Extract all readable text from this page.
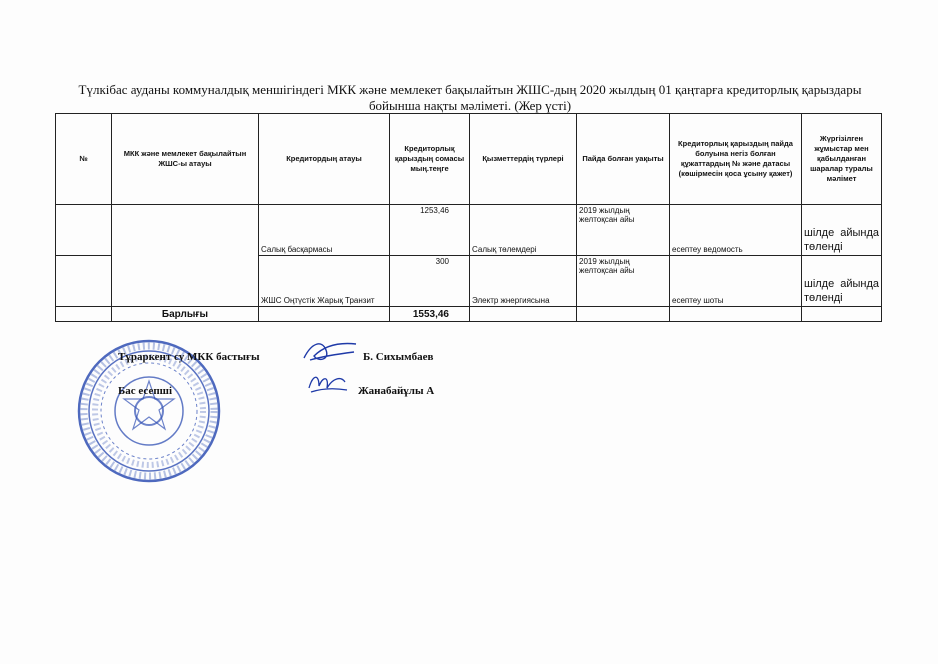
Түлкібас ауданы коммуналдық меншігіндегі МКК және мемлекет бақылайтын ЖШС-дың 2020 жылдың 01 қаңтарға кредиторлық қарыздары
бойынша нақты мәліметі. (Жер үсті)
№	МКК және мемлекет бақылайтын ЖШС-ы атауы	Кредитордың атауы	Кредиторлық қарыздың сомасы мың.теңге	Қызметтердің түрлері	Пайда болған уақыты	Кредиторлық қарыздың пайда болуына негіз болған құжаттардың № және датасы (көшірмесін қоса ұсыну қажет)	Жүргізілген жұмыстар мен қабылданған шаралар туралы мәлімет
		Салық басқармасы	1253,46	Салық төлемдері	2019 жылдың желтоқсан айы	есептеу ведомость	шілде айында төленді
		ЖШС Оңтүстік Жарық Транзит	300	Электр жнергиясына	2019 жылдың желтоқсан айы	есептеу шоты	шілде айында төленді
	Барлығы		1553,46				
Тұраркент су МКК бастығы	Б. Сихымбаев
Бас есепші	Жанабайұлы А
